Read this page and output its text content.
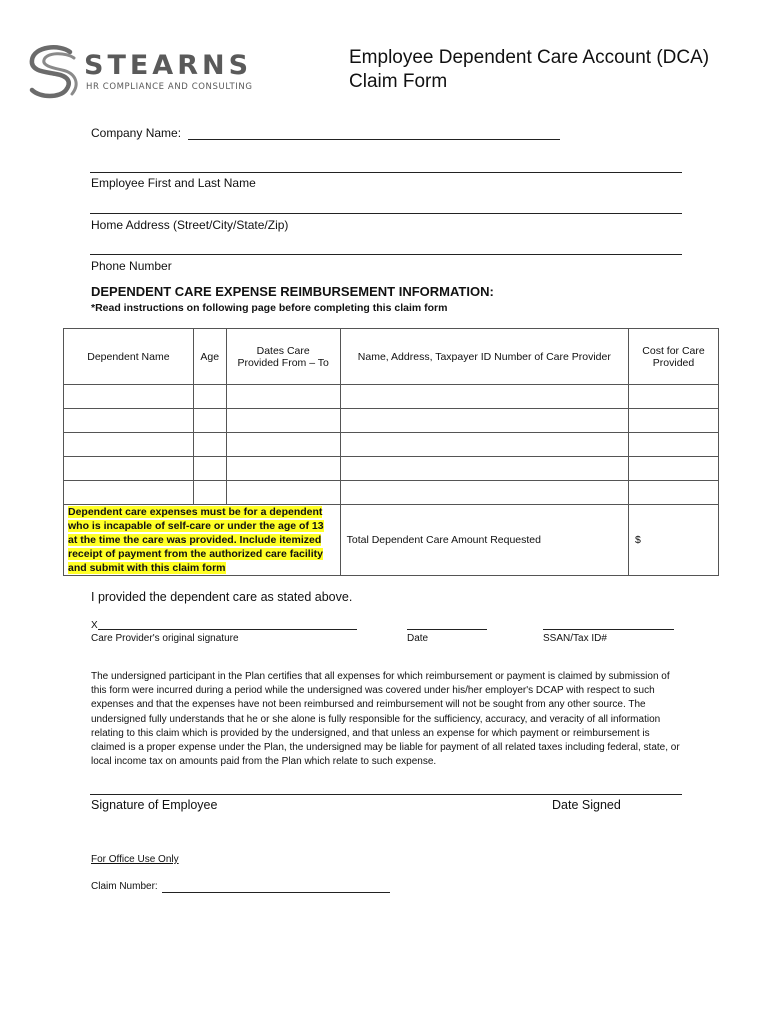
STEARNS
HR COMPLIANCE AND CONSULTING
Employee Dependent Care Account (DCA)
Claim Form
Company Name:
Employee First and Last Name
Home Address (Street/City/State/Zip)
Phone Number
DEPENDENT CARE EXPENSE REIMBURSEMENT INFORMATION:
*Read instructions on following page before completing this claim form
Dependent Name	Age	Dates Care Provided From – To	Name, Address, Taxpayer ID Number of Care Provider	Cost for Care Provided

Dependent care expenses must be for a dependent who is incapable of self-care or under the age of 13 at the time the care was provided. Include itemized receipt of payment from the authorized care facility and submit with this claim form			Total Dependent Care Amount Requested	$
I provided the dependent care as stated above.
X
Care Provider's original signature	Date	SSAN/Tax ID#
The undersigned participant in the Plan certifies that all expenses for which reimbursement or payment is claimed by submission of this form were incurred during a period while the undersigned was covered under his/her employer's DCAP with respect to such expenses and that the expenses have not been reimbursed and reimbursement will not be sought from any other source. The undersigned fully understands that he or she alone is fully responsible for the sufficiency, accuracy, and veracity of all information relating to this claim which is provided by the undersigned, and that unless an expense for which payment or reimbursement is claimed is a proper expense under the Plan, the undersigned may be liable for payment of all related taxes including federal, state, or local income tax on amounts paid from the Plan which relate to such expense.
Signature of Employee	Date Signed
For Office Use Only
Claim Number:
